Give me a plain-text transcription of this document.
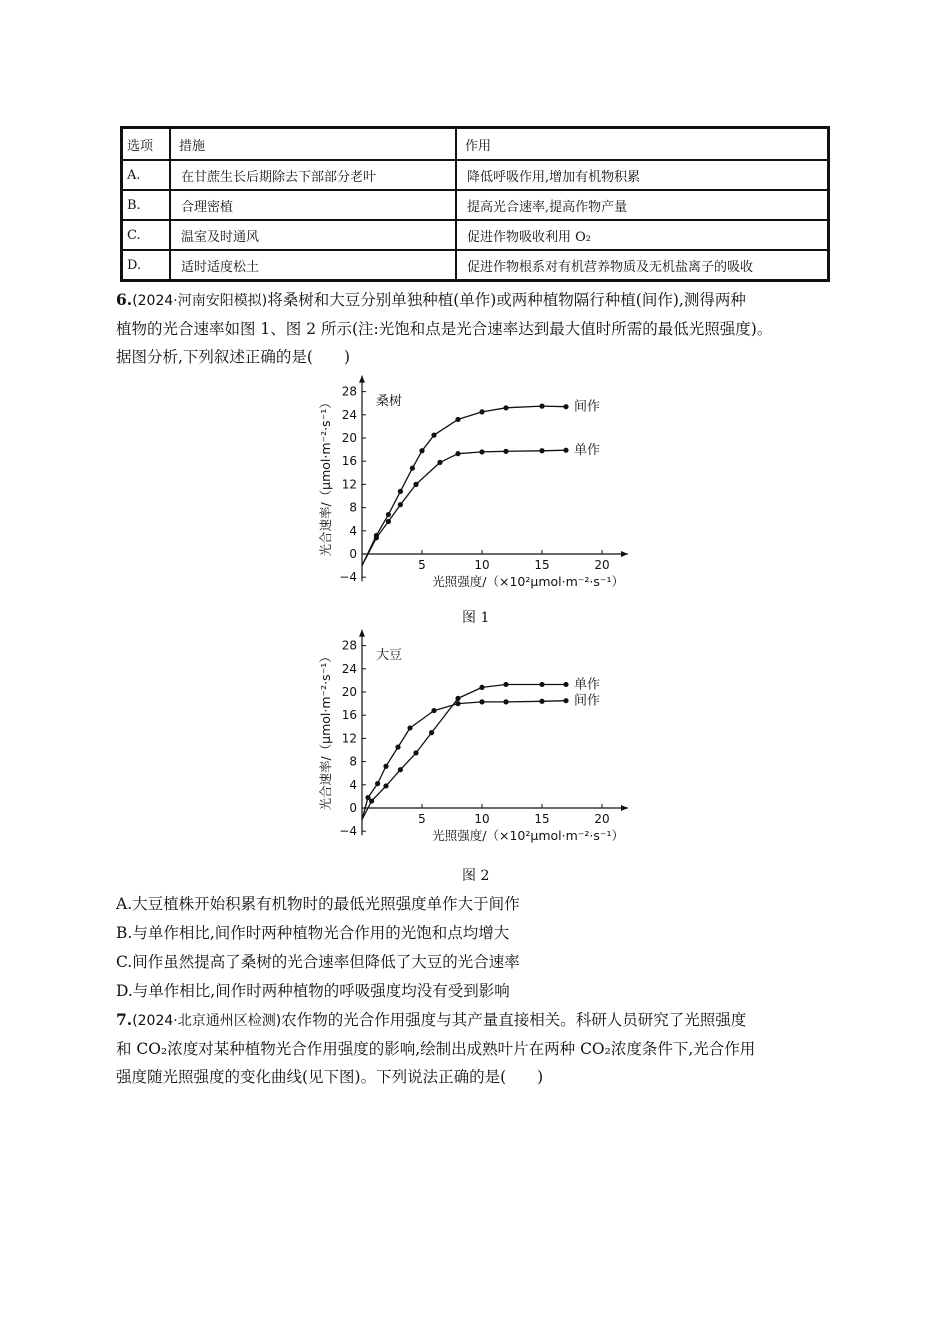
选项	措施	作用
A.	在甘蔗生长后期除去下部部分老叶	降低呼吸作用,增加有机物积累
B.	合理密植	提高光合速率,提高作物产量
C.	温室及时通风	促进作物吸收利用 O₂
D.	适时适度松土	促进作物根系对有机营养物质及无机盐离子的吸收
6.(2024·河南安阳模拟)将桑树和大豆分别单独种植(单作)或两种植物隔行种植(间作),测得两种
植物的光合速率如图 1、图 2 所示(注:光饱和点是光合速率达到最大值时所需的最低光照强度)。
据图分析,下列叙述正确的是(　　)
−4
0
4
8
12
16
20
24
28
5	10	15	20
光照强度/（×10²μmol·m⁻²·s⁻¹）
光合速率/（μmol·m⁻²·s⁻¹）	桑树	间作
单作
图 1
−4
0
4
8
12
16
20
24
28
5	10	15	20
光照强度/（×10²μmol·m⁻²·s⁻¹）
光合速率/（μmol·m⁻²·s⁻¹）	大豆
单作
间作
图 2
A.大豆植株开始积累有机物时的最低光照强度单作大于间作
B.与单作相比,间作时两种植物光合作用的光饱和点均增大
C.间作虽然提高了桑树的光合速率但降低了大豆的光合速率
D.与单作相比,间作时两种植物的呼吸强度均没有受到影响
7.(2024·北京通州区检测)农作物的光合作用强度与其产量直接相关。科研人员研究了光照强度
和 CO₂浓度对某种植物光合作用强度的影响,绘制出成熟叶片在两种 CO₂浓度条件下,光合作用
强度随光照强度的变化曲线(见下图)。下列说法正确的是(　　)
